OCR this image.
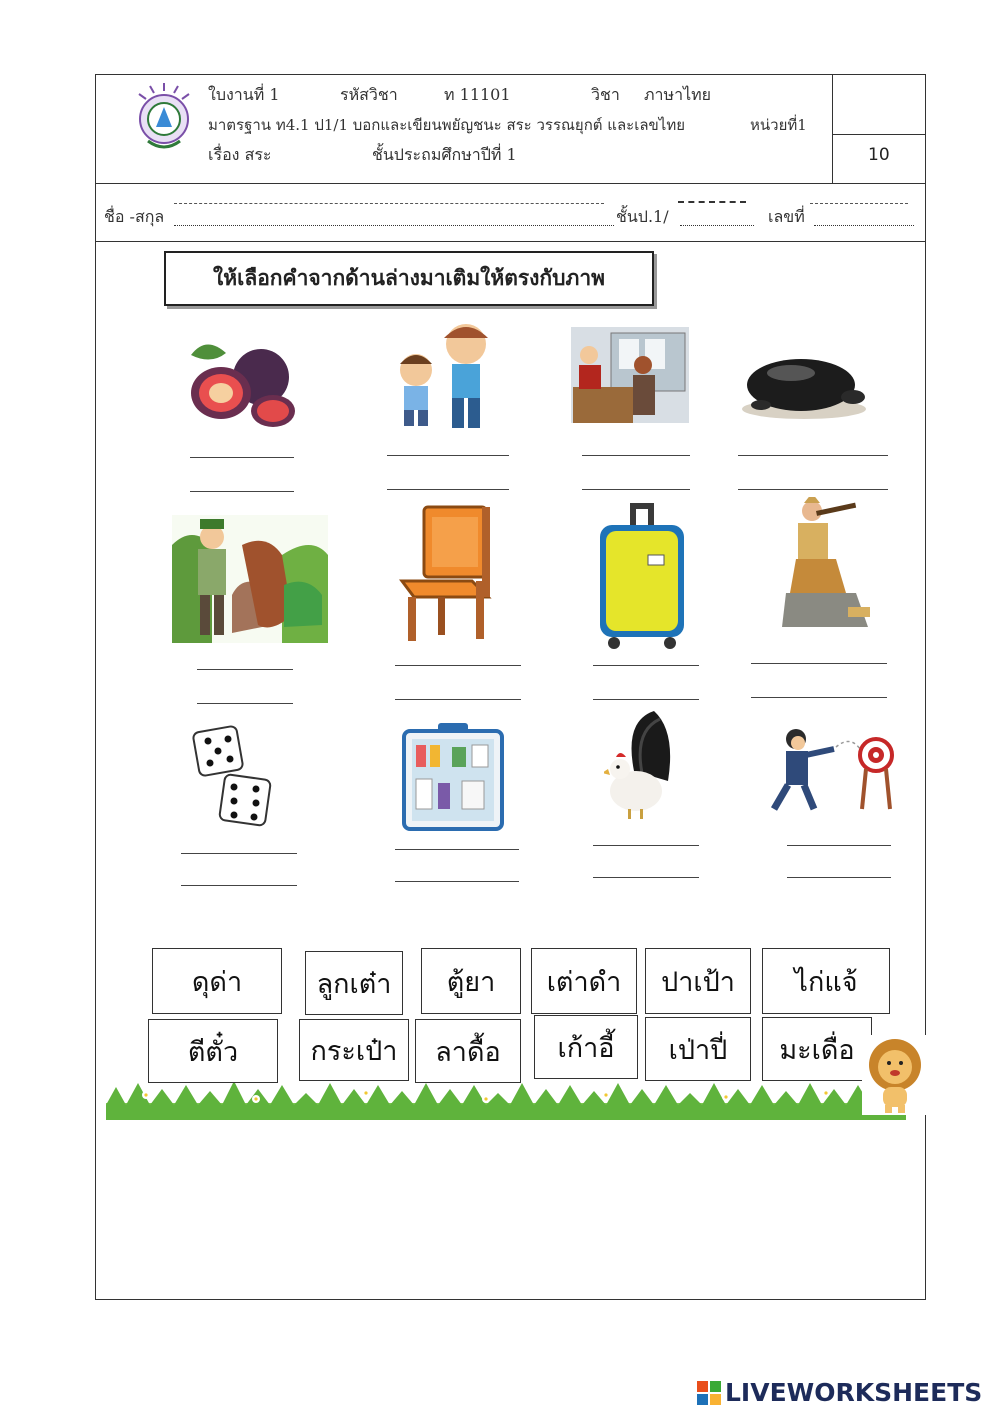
ใบงานที่ 1	รหัสวิชา	ท 11101	วิชา ภาษาไทย
มาตรฐาน ท4.1 ป1/1 บอกและเขียนพยัญชนะ สระ วรรณยุกต์ และเลขไทย	หน่วยที่1
เรื่อง สระ	ชั้นประถมศึกษาปีที่ 1	10
ชื่อ -สกุล	ชั้นป.1/	เลขที่
ให้เลือกคำจากด้านล่างมาเติมให้ตรงกับภาพ
ดุด่า	ลูกเต๋า	ตู้ยา	เต่าดำ	ปาเป้า	ไก่แจ้
ตีตั๋ว	กระเป๋า	ลาดื้อ	เก้าอี้	เป่าปี่	มะเดื่อ
LIVEWORKSHEETS
